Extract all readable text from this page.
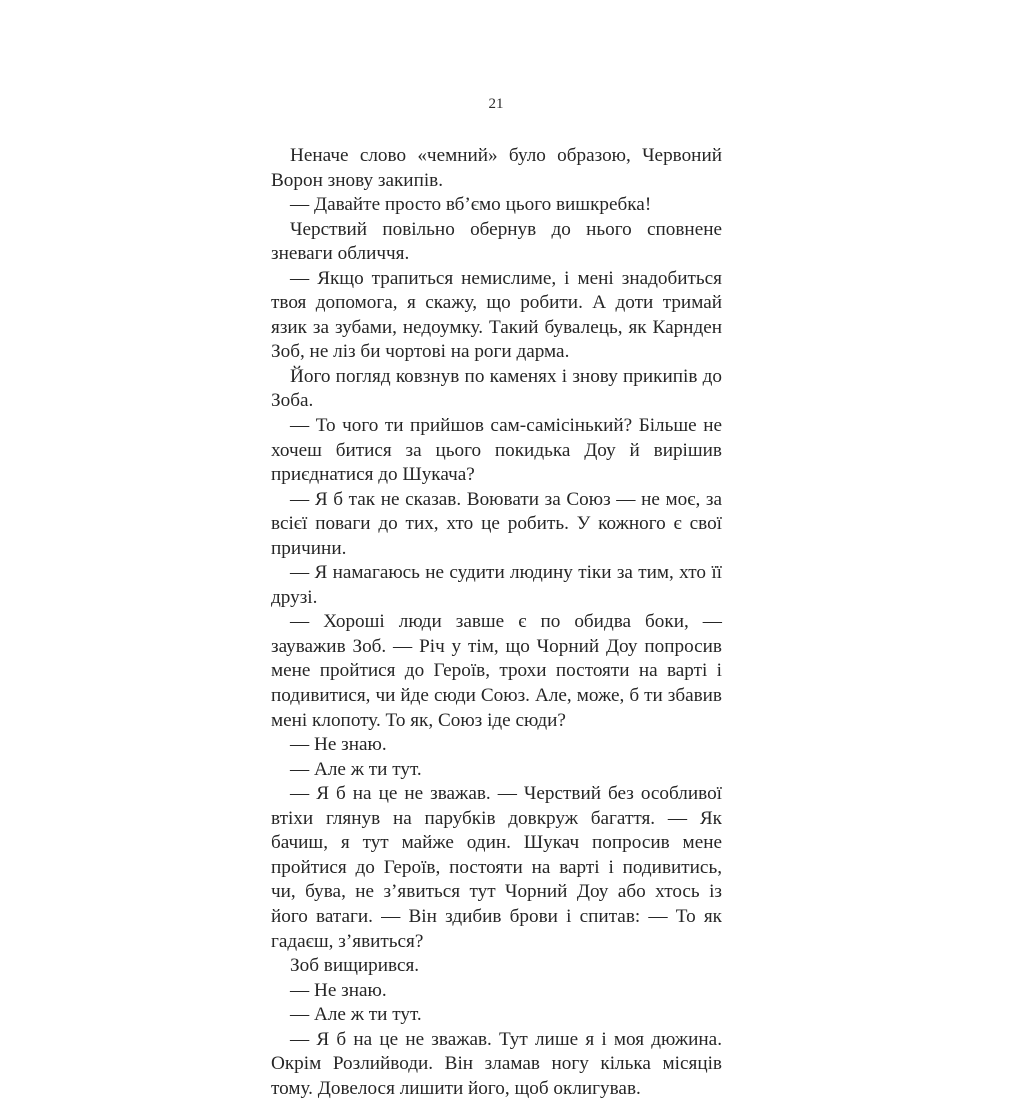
21

Неначе слово «чемний» було образою, Червоний Ворон знову закипів.

— Давайте просто вб’ємо цього вишкребка!

Черствий повільно обернув до нього сповнене зневаги обличчя.

— Якщо трапиться немислиме, і мені знадобиться твоя допомога, я скажу, що робити. А доти тримай язик за зубами, недоумку. Такий бувалець, як Карнден Зоб, не ліз би чортові на роги дарма.

Його погляд ковзнув по каменях і знову прикипів до Зоба.

— То чого ти прийшов сам-самісінький? Більше не хочеш битися за цього покидька Доу й вирішив приєднатися до Шукача?

— Я б так не сказав. Воювати за Союз — не моє, за всієї поваги до тих, хто це робить. У кожного є свої причини.

— Я намагаюсь не судити людину тіки за тим, хто її друзі.

— Хороші люди завше є по обидва боки, — зауважив Зоб. — Річ у тім, що Чорний Доу попросив мене пройтися до Героїв, трохи постояти на варті і подивитися, чи йде сюди Союз. Але, може, б ти збавив мені клопоту. То як, Союз іде сюди?

— Не знаю.

— Але ж ти тут.

— Я б на це не зважав. — Черствий без особливої втіхи глянув на парубків довкруж багаття. — Як бачиш, я тут майже один. Шукач попросив мене пройтися до Героїв, постояти на варті і подивитись, чи, бува, не з’явиться тут Чорний Доу або хтось із його ватаги. — Він здибив брови і спитав: — То як гадаєш, з’явиться?

Зоб вищирився.

— Не знаю.

— Але ж ти тут.

— Я б на це не зважав. Тут лише я і моя дюжина. Окрім Розлийводи. Він зламав ногу кілька місяців тому. Довелося лишити його, щоб оклигував.
